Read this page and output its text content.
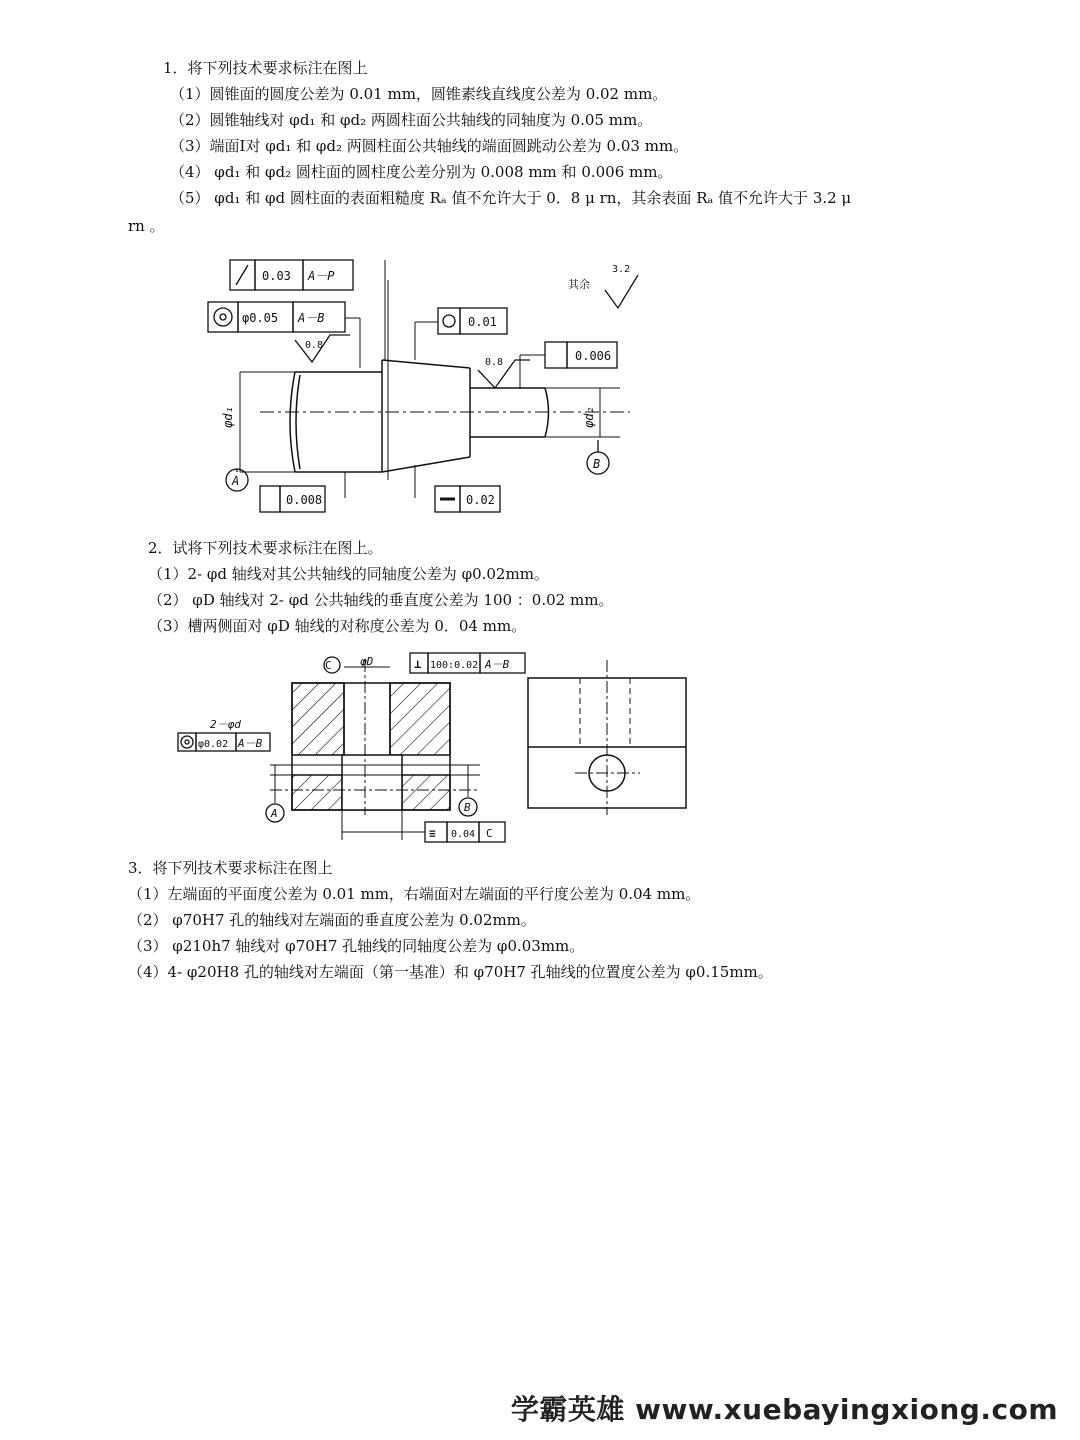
1．将下列技术要求标注在图上
（1）圆锥面的圆度公差为 0.01 mm，圆锥素线直线度公差为 0.02 mm。
（2）圆锥轴线对 φd₁ 和 φd₂ 两圆柱面公共轴线的同轴度为 0.05 mm。
（3）端面Ⅰ对 φd₁ 和 φd₂ 两圆柱面公共轴线的端面圆跳动公差为 0.03 mm。
（4） φd₁ 和 φd₂ 圆柱面的圆柱度公差分别为 0.008 mm 和 0.006 mm。
（5） φd₁ 和 φd 圆柱面的表面粗糙度 Rₐ 值不允许大于 0．8 μ rn，其余表面 Rₐ 值不允许大于 3.2 μ
rn 。
0.03 A－P
φ0.05 A－B	0.01
0.006
0.008	0.02
0.8
0.8
其余
3.2
φd₁	φd₂
A
B
2．试将下列技术要求标注在图上。
（1）2- φd 轴线对其公共轴线的同轴度公差为 φ0.02mm。
（2） φD 轴线对 2- φd 公共轴线的垂直度公差为 100 ：0.02 mm。
（3）槽两侧面对 φD 轴线的对称度公差为 0．04 mm。
C	φD	⊥ 100:0.02 A－B
2－φd
φ0.02 A－B
≡ 0.04 C
A	B
3．将下列技术要求标注在图上
（1）左端面的平面度公差为 0.01 mm，右端面对左端面的平行度公差为 0.04 mm。
（2） φ70H7 孔的轴线对左端面的垂直度公差为 0.02mm。
（3） φ210h7 轴线对 φ70H7 孔轴线的同轴度公差为 φ0.03mm。
（4）4- φ20H8 孔的轴线对左端面（第一基准）和 φ70H7 孔轴线的位置度公差为 φ0.15mm。
学霸英雄 www.xuebayingxiong.com
